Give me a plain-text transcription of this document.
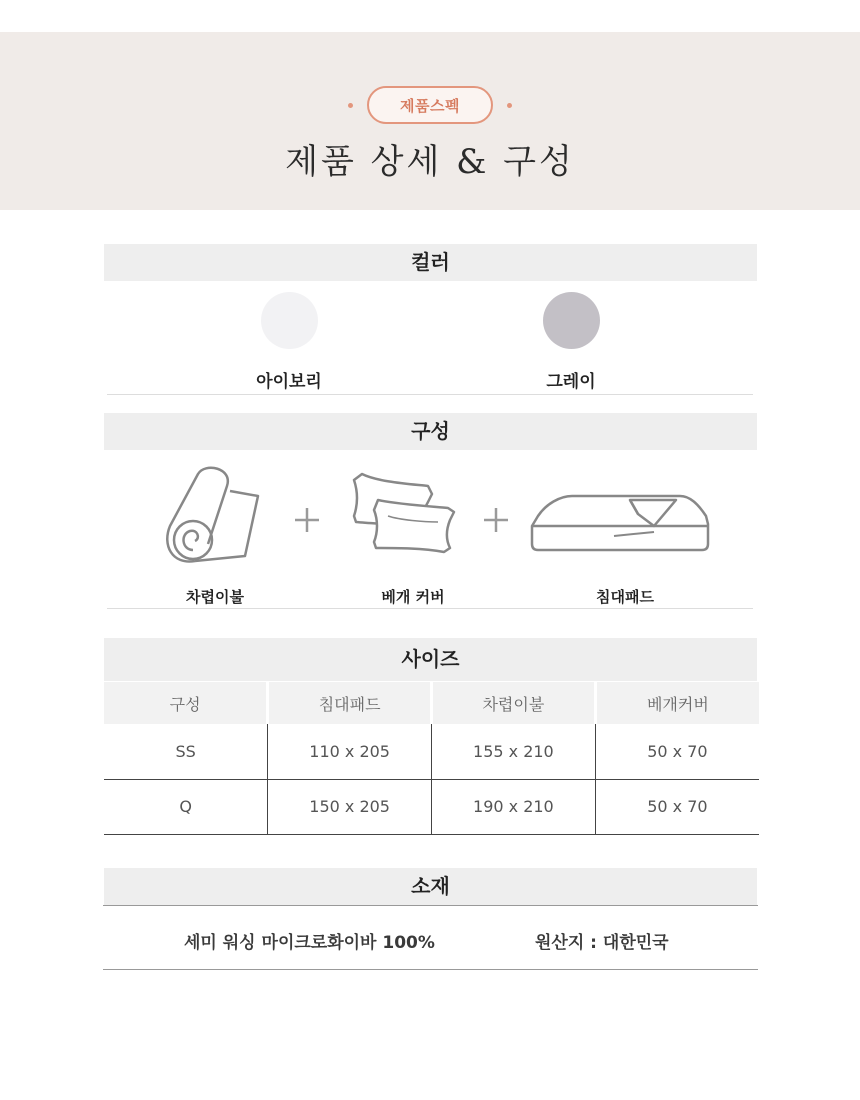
제품스펙
제품 상세 & 구성
컬러
아이보리	그레이
구성
차렵이불	베개 커버	침대패드
사이즈
구성	침대패드	차렵이불	베개커버
SS	110 x 205	155 x 210	50 x 70
Q	150 x 205	190 x 210	50 x 70
소재
세미 워싱 마이크로화이바 100%	원산지 : 대한민국
